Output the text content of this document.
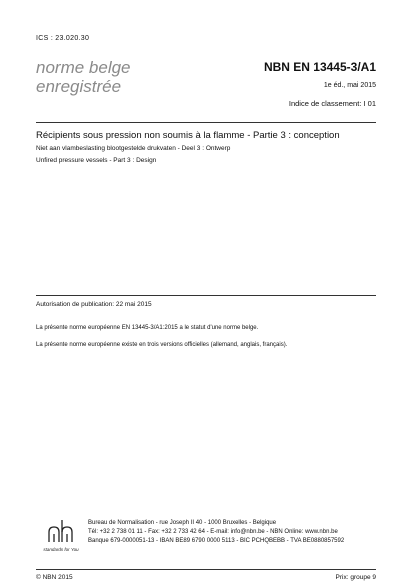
ICS : 23.020.30
norme belge
enregistrée
NBN EN 13445-3/A1
1e éd., mai 2015
Indice de classement: I 01
Récipients sous pression non soumis à la flamme - Partie 3 : conception
Niet aan vlambeslasting blootgestelde drukvaten - Deel 3 : Ontwerp
Unfired pressure vessels - Part 3 : Design
Autorisation de publication: 22 mai 2015
La présente norme européenne EN 13445-3/A1:2015 a le statut d'une norme belge.
La présente norme européenne existe en trois versions officielles (allemand, anglais, français).
standards for You
Bureau de Normalisation - rue Joseph II 40 - 1000 Bruxelles - Belgique
Tél: +32 2 738 01 11 - Fax: +32 2 733 42 64 - E-mail: info@nbn.be - NBN Online: www.nbn.be
Banque 679-0000051-13 - IBAN BE89 6790 0000 5113 - BIC PCHQBEBB - TVA BE0880857592
© NBN 2015	Prix: groupe 9
